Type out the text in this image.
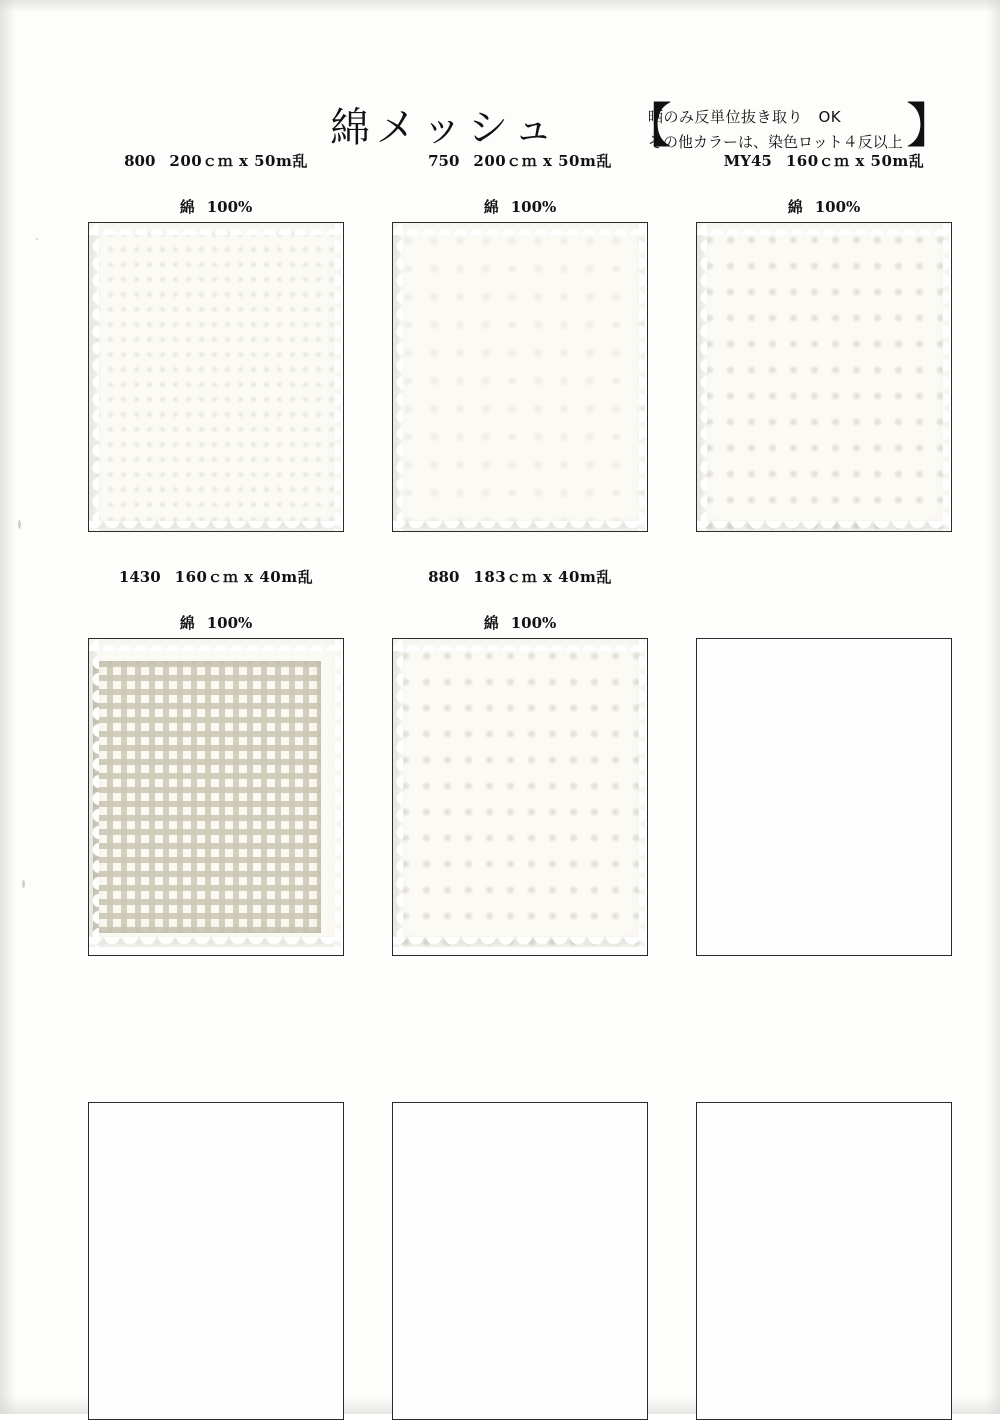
綿メッシュ 【	】
晒のみ反単位抜き取り　OK
その他カラーは、染色ロット４反以上
800 200ｃｍ x 50m乱
綿 100%
750 200ｃｍ x 50m乱
綿 100%
MY45 160ｃｍ x 50m乱
綿 100%
1430 160ｃｍ x 40m乱
綿 100%
880 183ｃｍ x 40m乱
綿 100%
